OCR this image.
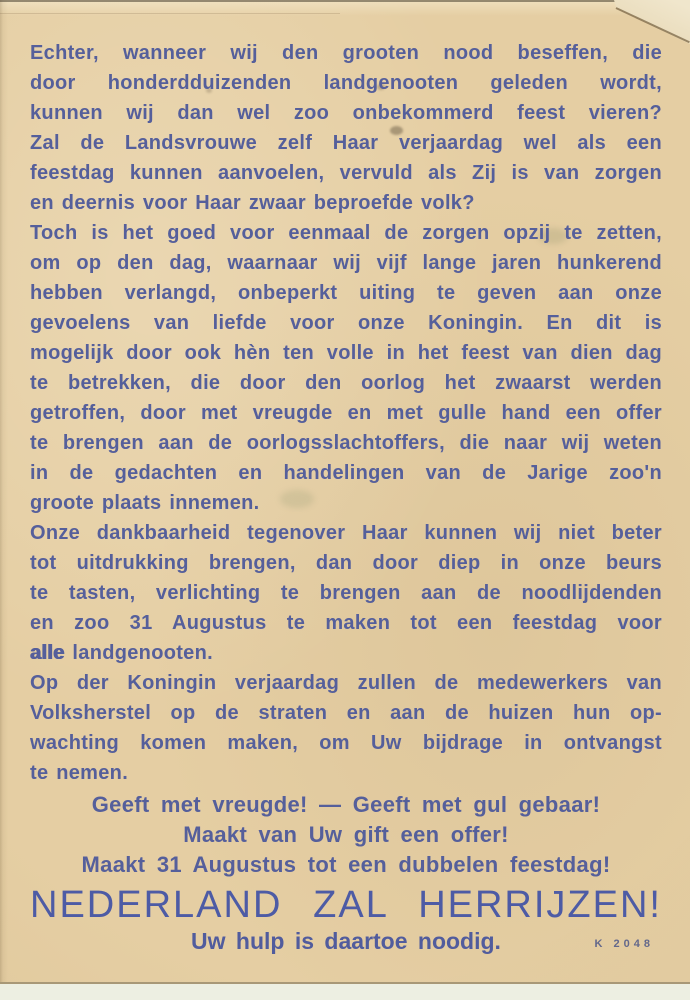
Echter, wanneer wij den grooten nood beseffen, die
door honderdduizenden landgenooten geleden wordt,
kunnen wij dan wel zoo onbekommerd feest vieren?
Zal de Landsvrouwe zelf Haar verjaardag wel als een
feestdag kunnen aanvoelen, vervuld als Zij is van zorgen
en deernis voor Haar zwaar beproefde volk?
Toch is het goed voor eenmaal de zorgen opzij te zetten,
om op den dag, waarnaar wij vijf lange jaren hunkerend
hebben verlangd, onbeperkt uiting te geven aan onze
gevoelens van liefde voor onze Koningin. En dit is
mogelijk door ook hèn ten volle in het feest van dien dag
te betrekken, die door den oorlog het zwaarst werden
getroffen, door met vreugde en met gulle hand een offer
te brengen aan de oorlogsslachtoffers, die naar wij weten
in de gedachten en handelingen van de Jarige zoo'n
groote plaats innemen.
Onze dankbaarheid tegenover Haar kunnen wij niet beter
tot uitdrukking brengen, dan door diep in onze beurs
te tasten, verlichting te brengen aan de noodlijdenden
en zoo 31 Augustus te maken tot een feestdag voor
alle landgenooten.
Op der Koningin verjaardag zullen de medewerkers van
Volksherstel op de straten en aan de huizen hun op-
wachting komen maken, om Uw bijdrage in ontvangst
te nemen.
Geeft met vreugde! — Geeft met gul gebaar!
Maakt van Uw gift een offer!
Maakt 31 Augustus tot een dubbelen feestdag!
NEDERLAND ZAL HERRIJZEN!
Uw hulp is daartoe noodig.	K 2048
